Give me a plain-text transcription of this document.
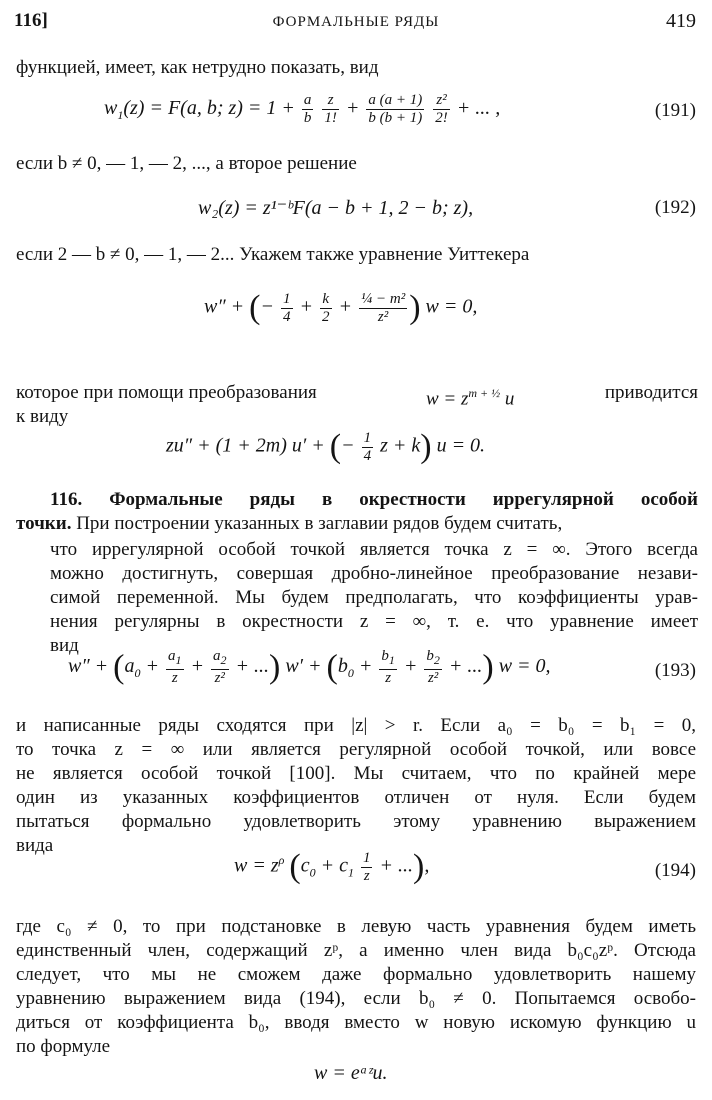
116]	ФОРМАЛЬНЫЕ РЯДЫ	419
функцией, имеет, как нетрудно показать, вид
$w_1(z) = F(a$, b; $z) = 1 + \frac{a}{b}$
$\frac{z}{1!} + \frac{a (a + 1)}{b (b + 1)}$
$\frac{\text{z²}}{2!}$ + ... ,	(191)
если b ≠ 0, — 1, — 2, ..., а второе решение
w₂(z) = z¹⁻ᵇF(a − b + 1, 2 − b; z),	(192)
если 2 — b ≠ 0, — 1, — 2... Укажем также уравнение Уиттекера
w″ + (− $\frac{1}{4} + \frac{k}{2} + \frac{\text{¼ − m²}}{\text{z²}}$ ) w = 0,
которое при помощи преобразования	$w = z^{m + \frac{1}{2}}$ u	приводится
к виду
zu″ + (1 + 2m) u′ + (− $\frac{1}{4}$ z + k) u = 0.
116. Формальные ряды в окрестности иррегулярной особой
точки. При построении указанных в заглавии рядов будем считать,
что иррегулярной особой точкой является точка z = ∞. Этого всегда
можно достигнуть, совершая дробно-линейное преобразование незави-
симой переменной. Мы будем предполагать, что коэффициенты урав-
нения регулярны в окрестности z = ∞, т. е. что уравнение имеет
вид
$w'' + (a_0 + \frac{a_1}{z} + \frac{a_2}{\text{z²}}$ + ...) $w' + (b_0 + \frac{b_1}{z} + \frac{b_2}{\text{z²}}$ + ...) w = 0,	(193)
и написанные ряды сходятся при |z| > r. Если a₀ = b₀ = b₁ = 0,
то точка z = ∞ или является регулярной особой точкой, или вовсе
не является особой точкой [100]. Мы считаем, что по крайней мере
один из указанных коэффициентов отличен от нуля. Если будем
пытаться формально удовлетворить этому уравнению выражением
вида
$w = z^\rho$ ($c_0 + c_1 \frac{1}{z}$ + ...),	(194)
где c₀ ≠ 0, то при подстановке в левую часть уравнения будем иметь
единственный член, содержащий zᵖ, а именно член вида b₀c₀zᵖ. Отсюда
следует, что мы не сможем даже формально удовлетворить нашему
уравнению выражением вида (194), если b₀ ≠ 0. Попытаемся освобо-
диться от коэффициента b₀, вводя вместо w новую искомую функцию u
по формуле
w = eᵃᶻu.
